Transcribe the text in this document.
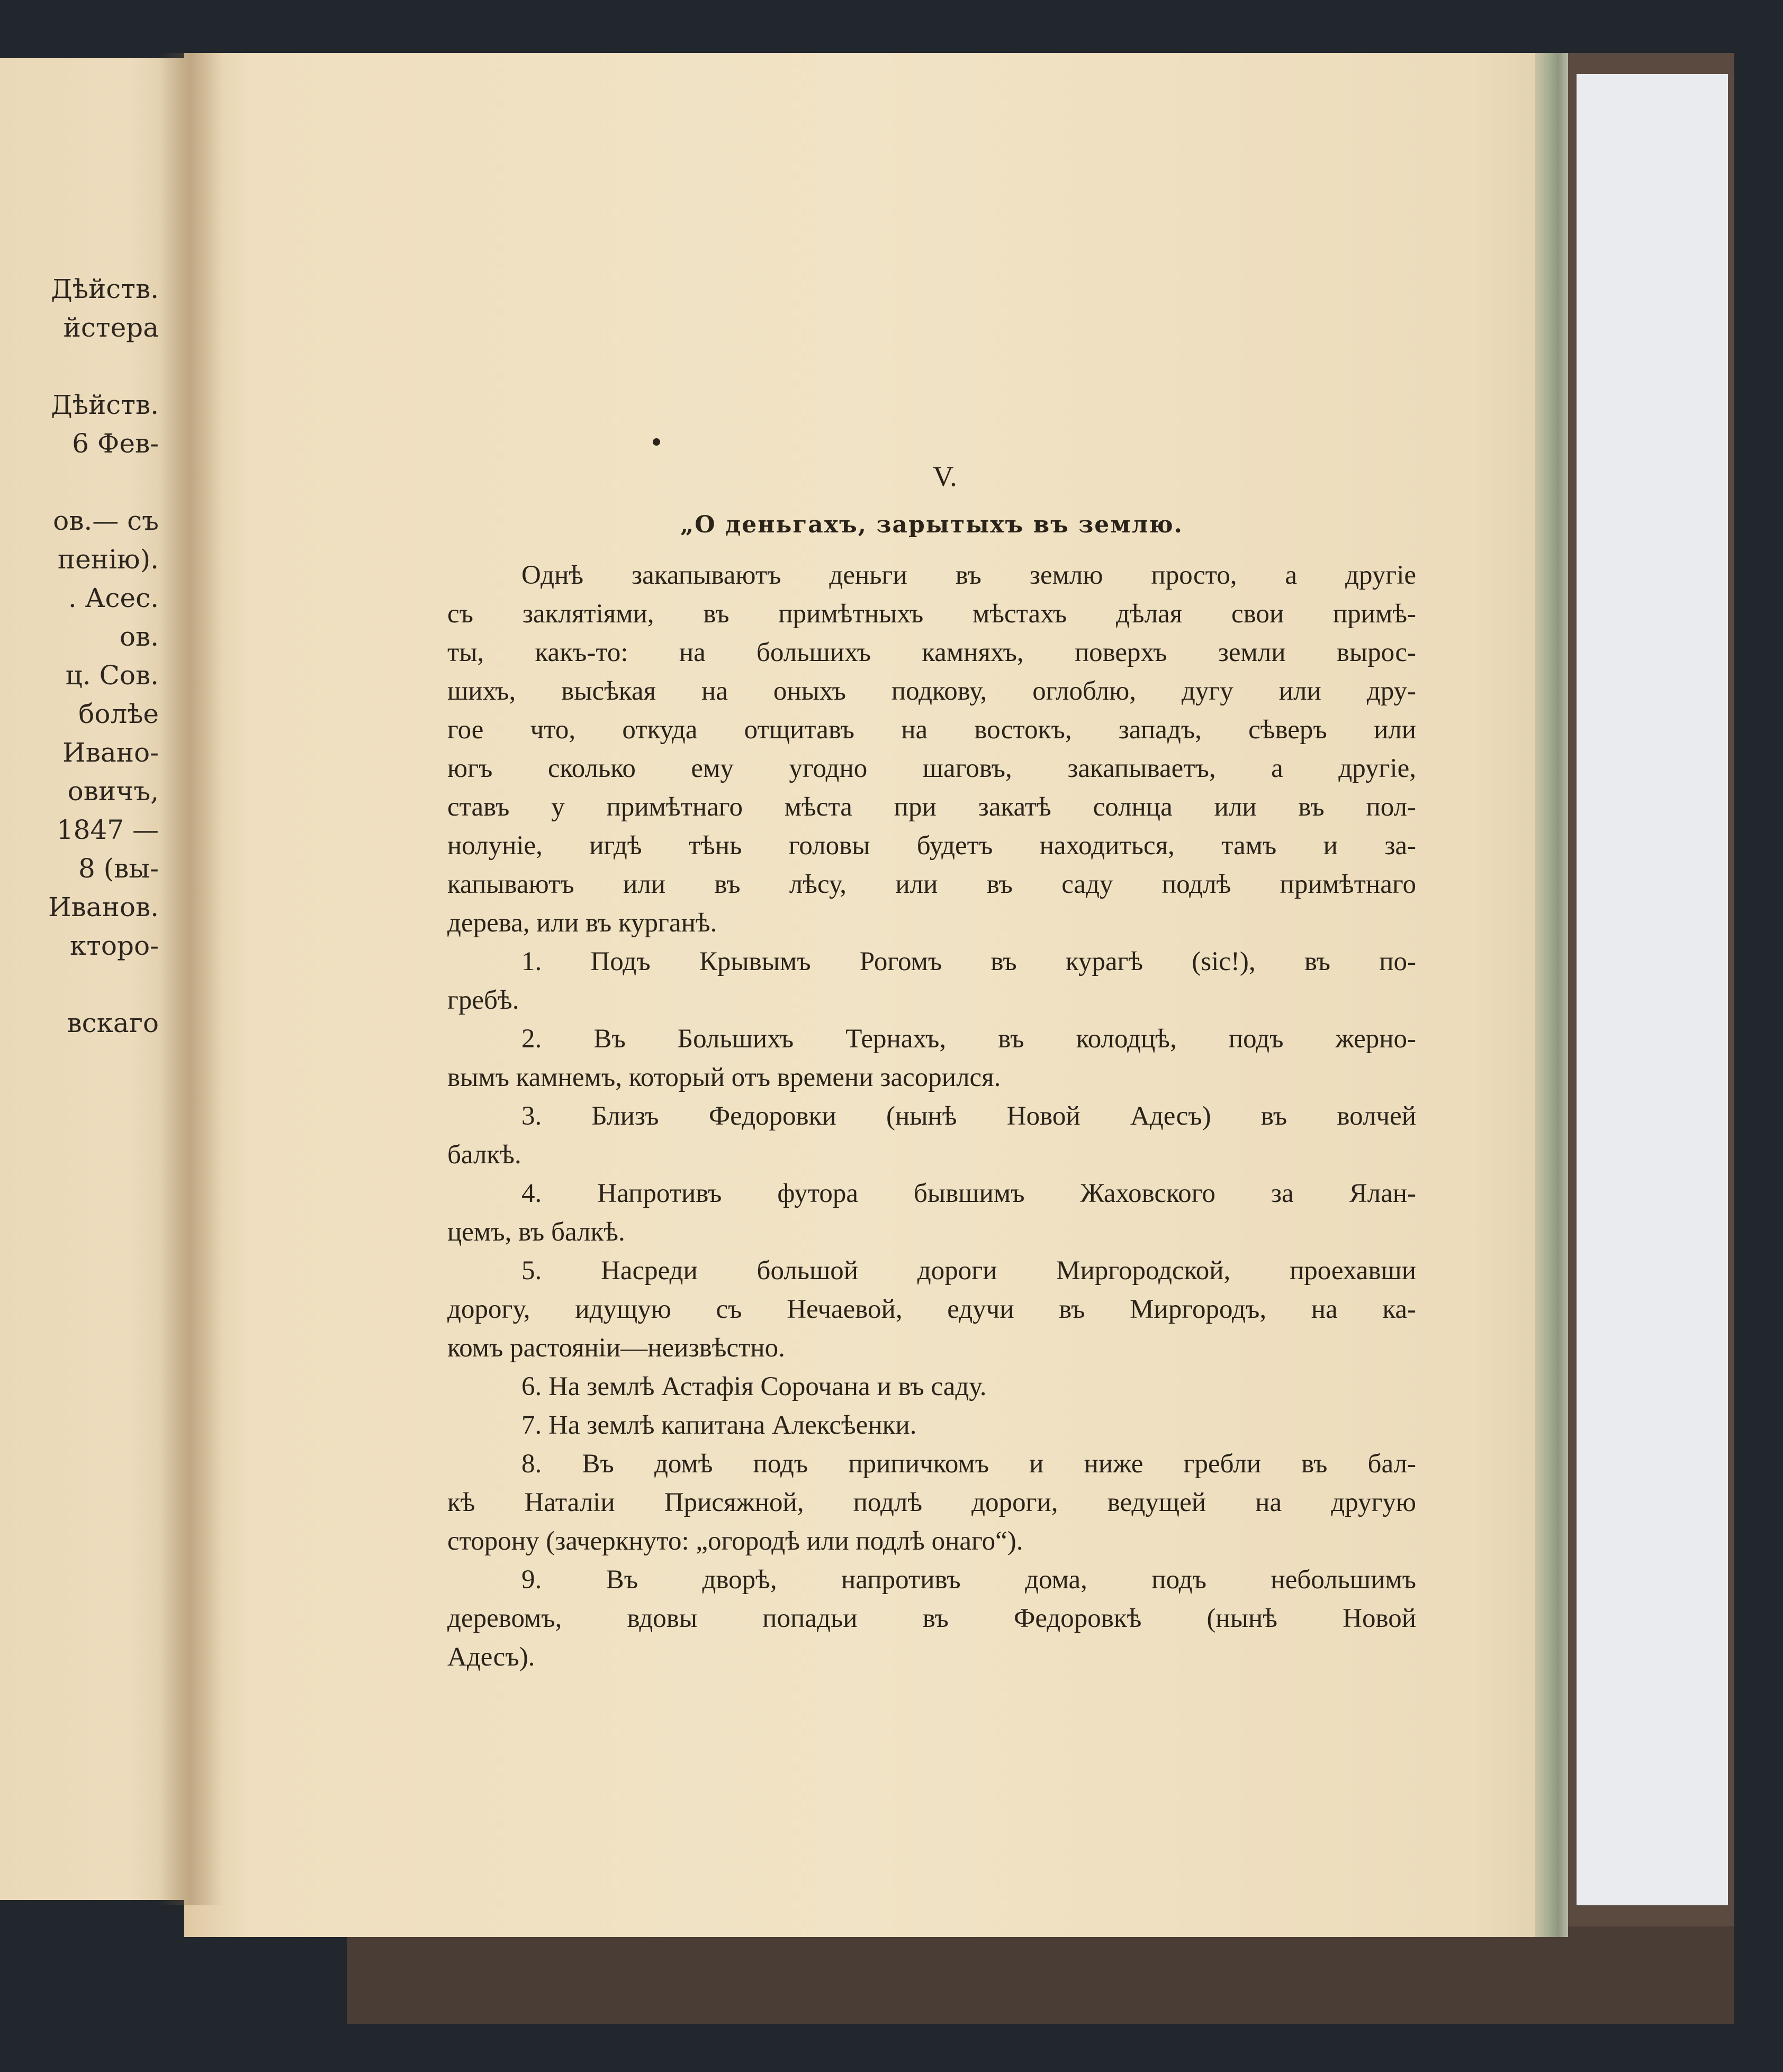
Дѣйств.
йстера
Дѣйств.
6 Фев-
ов.— съ
пенію).
. Асес.
ов.
ц. Сов.
болѣе
Ивано-
овичъ,
1847 —
8 (вы-
Иванов.
кторо-
вскаго
V.
„О деньгахъ, зарытыхъ въ землю.
Однѣ закапываютъ деньги въ землю просто, а другіе
съ заклятіями, въ примѣтныхъ мѣстахъ дѣлая свои примѣ-
ты, какъ-то: на большихъ камняхъ, поверхъ земли вырос-
шихъ, высѣкая на оныхъ подкову, оглоблю, дугу или дру-
гое что, откуда отщитавъ на востокъ, западъ, сѣверъ или
югъ сколько ему угодно шаговъ, закапываетъ, а другіе,
ставъ у примѣтнаго мѣста при закатѣ солнца или въ пол-
нолуніе, игдѣ тѣнь головы будетъ находиться, тамъ и за-
капываютъ или въ лѣсу, или въ саду подлѣ примѣтнаго
дерева, или въ курганѣ.
1. Подъ Крывымъ Рогомъ въ курагѣ (sic!), въ по-
гребѣ.
2. Въ Большихъ Тернахъ, въ колодцѣ, подъ жерно-
вымъ камнемъ, который отъ времени засорился.
3. Близъ Федоровки (нынѣ Новой Адесъ) въ волчей
балкѣ.
4. Напротивъ футора бывшимъ Жаховского за Ялан-
цемъ, въ балкѣ.
5. Насреди большой дороги Миргородской, проехавши
дорогу, идущую съ Нечаевой, едучи въ Миргородъ, на ка-
комъ растояніи—неизвѣстно.
6. На землѣ Астафія Сорочана и въ саду.
7. На землѣ капитана Алексѣенки.
8. Въ домѣ подъ припичкомъ и ниже гребли въ бал-
кѣ Наталіи Присяжной, подлѣ дороги, ведущей на другую
сторону (зачеркнуто: „огородѣ или подлѣ онаго“).
9. Въ дворѣ, напротивъ дома, подъ небольшимъ
деревомъ, вдовы попадьи въ Федоровкѣ (нынѣ Новой
Адесъ).
